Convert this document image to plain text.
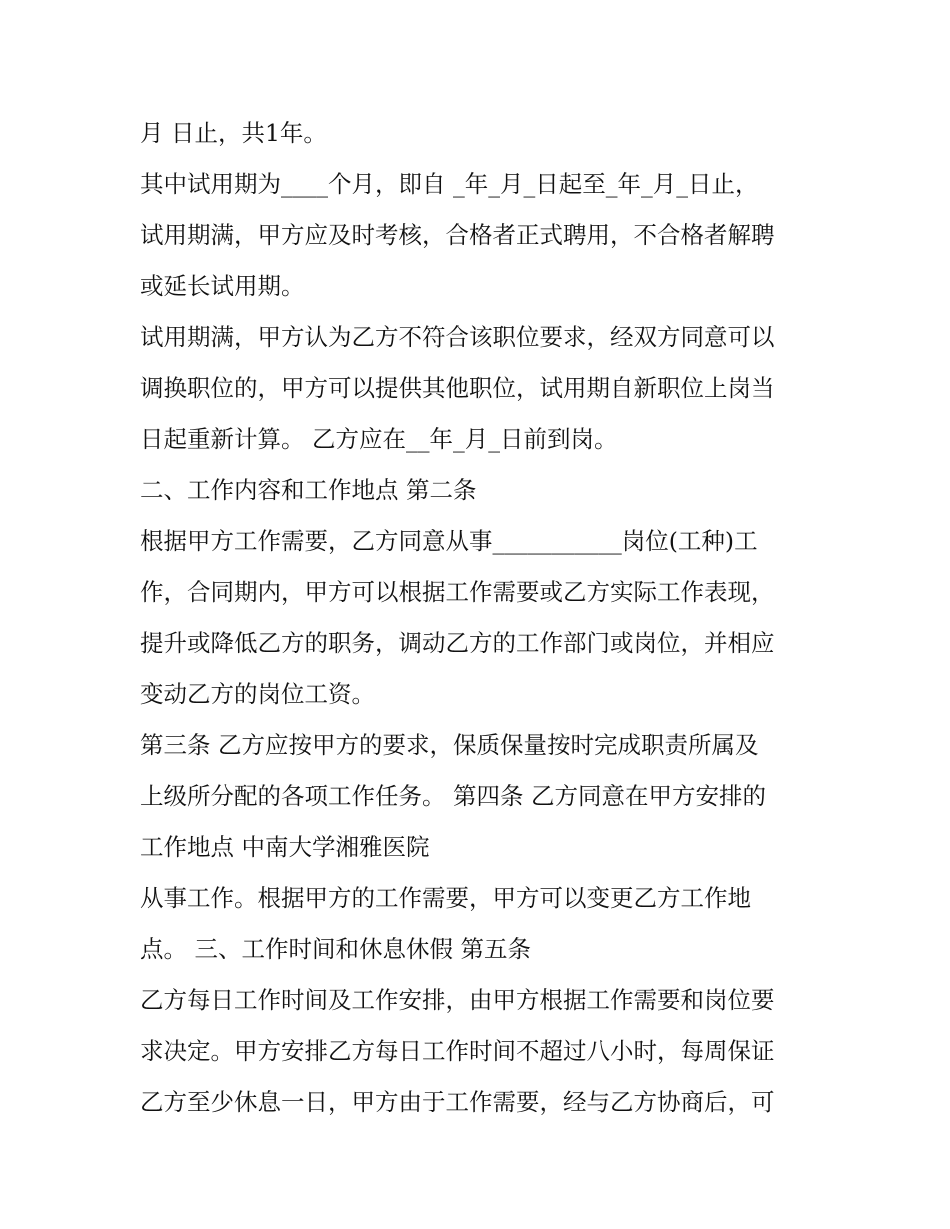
月 日止，共1年。
其中试用期为____个月，即自 _年_月_日起至_年_月_日止，
试用期满，甲方应及时考核，合格者正式聘用，不合格者解聘
或延长试用期。
试用期满，甲方认为乙方不符合该职位要求，经双方同意可以
调换职位的，甲方可以提供其他职位，试用期自新职位上岗当
日起重新计算。 乙方应在__年_月_日前到岗。
二、工作内容和工作地点 第二条
根据甲方工作需要，乙方同意从事___________岗位(工种)工
作，合同期内，甲方可以根据工作需要或乙方实际工作表现，
提升或降低乙方的职务，调动乙方的工作部门或岗位，并相应
变动乙方的岗位工资。
第三条 乙方应按甲方的要求，保质保量按时完成职责所属及
上级所分配的各项工作任务。 第四条 乙方同意在甲方安排的
工作地点 中南大学湘雅医院
从事工作。根据甲方的工作需要，甲方可以变更乙方工作地
点。 三、工作时间和休息休假 第五条
乙方每日工作时间及工作安排，由甲方根据工作需要和岗位要
求决定。甲方安排乙方每日工作时间不超过八小时，每周保证
乙方至少休息一日，甲方由于工作需要，经与乙方协商后，可
